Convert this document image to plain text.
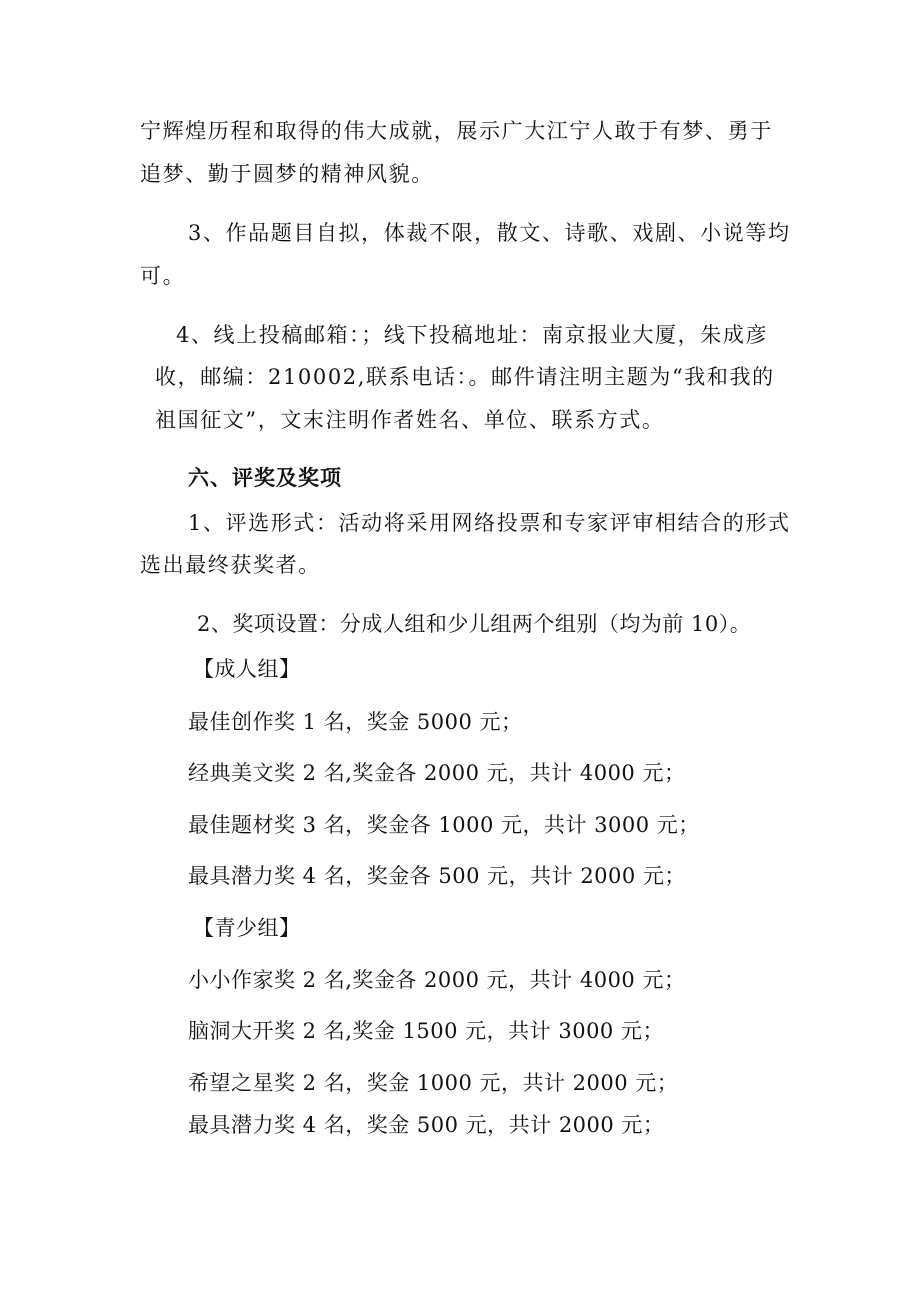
宁辉煌历程和取得的伟大成就，展示广大江宁人敢于有梦、勇于
追梦、勤于圆梦的精神风貌。
3、作品题目自拟，体裁不限，散文、诗歌、戏剧、小说等均
可。
4、线上投稿邮箱：；线下投稿地址：南京报业大厦，朱成彦
收，邮编：210002,联系电话：。邮件请注明主题为“我和我的
祖国征文”，文末注明作者姓名、单位、联系方式。
六、评奖及奖项
1、评选形式：活动将采用网络投票和专家评审相结合的形式
选出最终获奖者。
2、奖项设置：分成人组和少儿组两个组别（均为前 10）。
【成人组】
最佳创作奖 1 名，奖金 5000 元；
经典美文奖 2 名,奖金各 2000 元，共计 4000 元；
最佳题材奖 3 名，奖金各 1000 元，共计 3000 元；
最具潜力奖 4 名，奖金各 500 元，共计 2000 元；
【青少组】
小小作家奖 2 名,奖金各 2000 元，共计 4000 元；
脑洞大开奖 2 名,奖金 1500 元，共计 3000 元；
希望之星奖 2 名，奖金 1000 元，共计 2000 元；
最具潜力奖 4 名，奖金 500 元，共计 2000 元；
